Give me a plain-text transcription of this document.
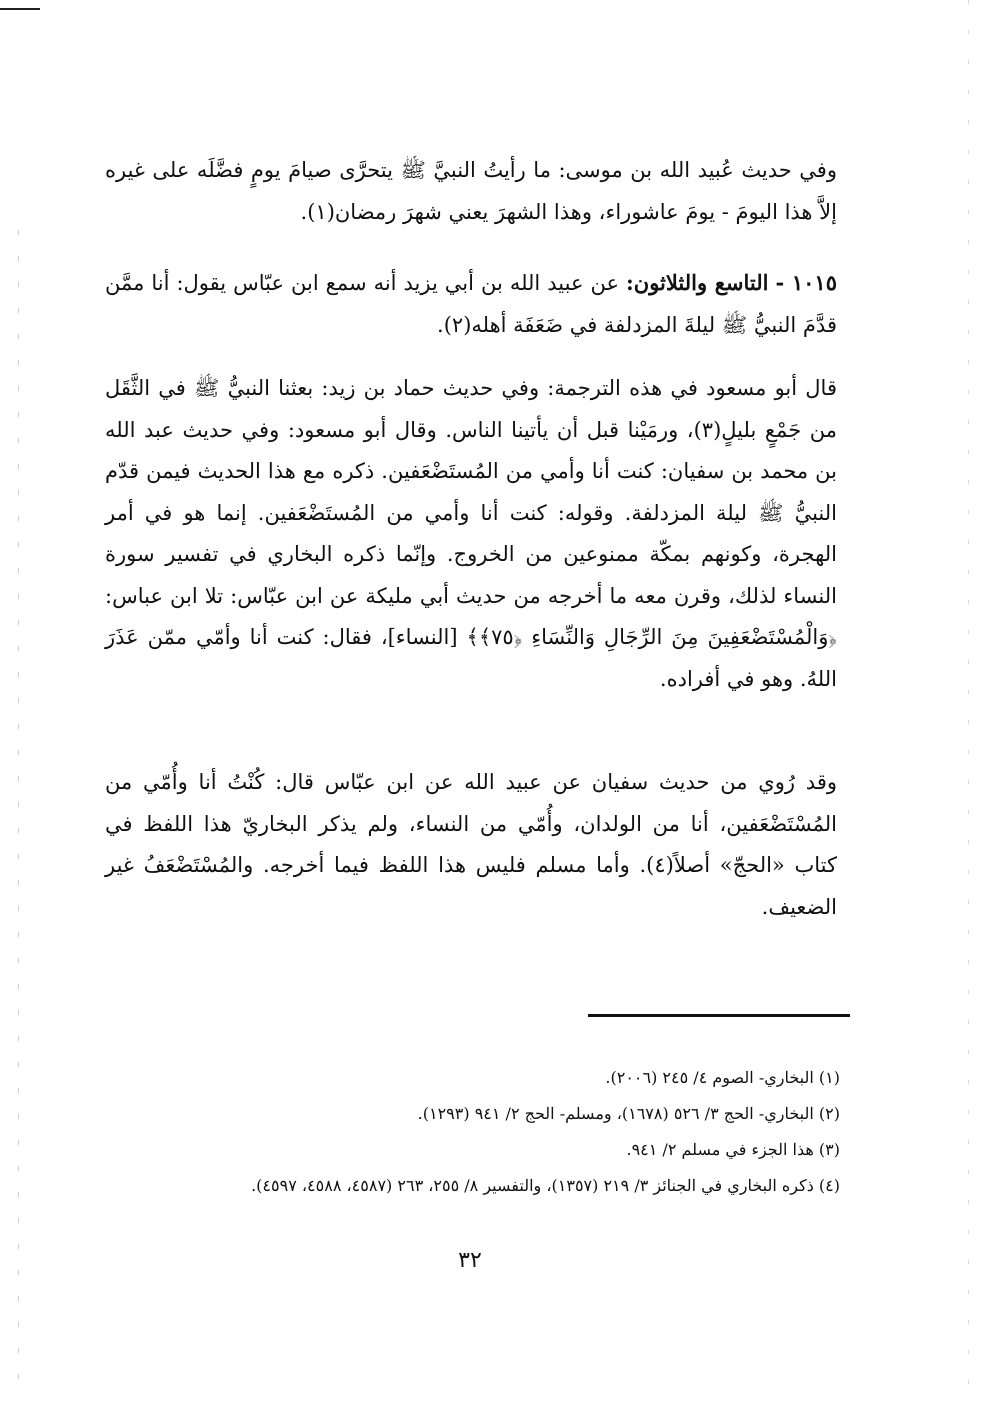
وفي حديث عُبيد الله بن موسى: ما رأيتُ النبيَّ ﷺ يتحرَّى صيامَ يومٍ فضَّلَه على غيره إلاَّ هذا اليومَ - يومَ عاشوراء، وهذا الشهرَ يعني شهرَ رمضان(١).
١٠١٥ - التاسع والثلاثون: عن عبيد الله بن أبي يزيد أنه سمع ابن عبّاس يقول: أنا ممَّن قدَّمَ النبيُّ ﷺ ليلةَ المزدلفة في ضَعَفَة أهله(٢).
قال أبو مسعود في هذه الترجمة: وفي حديث حماد بن زيد: بعثنا النبيُّ ﷺ في الثَّقَل من جَمْعٍ بليلٍ(٣)، ورمَيْنا قبل أن يأتينا الناس. وقال أبو مسعود: وفي حديث عبد الله بن محمد بن سفيان: كنت أنا وأمي من المُستَضْعَفين. ذكره مع هذا الحديث فيمن قدّم النبيُّ ﷺ ليلة المزدلفة. وقوله: كنت أنا وأمي من المُستَضْعَفين. إنما هو في أمر الهجرة، وكونهم بمكّة ممنوعين من الخروج. وإنّما ذكره البخاري في تفسير سورة النساء لذلك، وقرن معه ما أخرجه من حديث أبي مليكة عن ابن عبّاس: تلا ابن عباس: ﴿وَالْمُسْتَضْعَفِينَ مِنَ الرِّجَالِ وَالنِّسَاءِ ﴿٧٥﴾﴾ [النساء]، فقال: كنت أنا وأمّي ممّن عَذَرَ اللهُ. وهو في أفراده.
وقد رُوي من حديث سفيان عن عبيد الله عن ابن عبّاس قال: كُنْتُ أنا وأُمّي من المُسْتَضْعَفين، أنا من الولدان، وأُمّي من النساء، ولم يذكر البخاريّ هذا اللفظ في كتاب «الحجّ» أصلاً(٤). وأما مسلم فليس هذا اللفظ فيما أخرجه. والمُسْتَضْعَفُ غير الضعيف.
(١) البخاري- الصوم ٤/ ٢٤٥ (٢٠٠٦).
(٢) البخاري- الحج ٣/ ٥٢٦ (١٦٧٨)، ومسلم- الحج ٢/ ٩٤١ (١٢٩٣).
(٣) هذا الجزء في مسلم ٢/ ٩٤١.
(٤) ذكره البخاري في الجنائز ٣/ ٢١٩ (١٣٥٧)، والتفسير ٨/ ٢٥٥، ٢٦٣ (٤٥٨٧، ٤٥٨٨، ٤٥٩٧).
٣٢
